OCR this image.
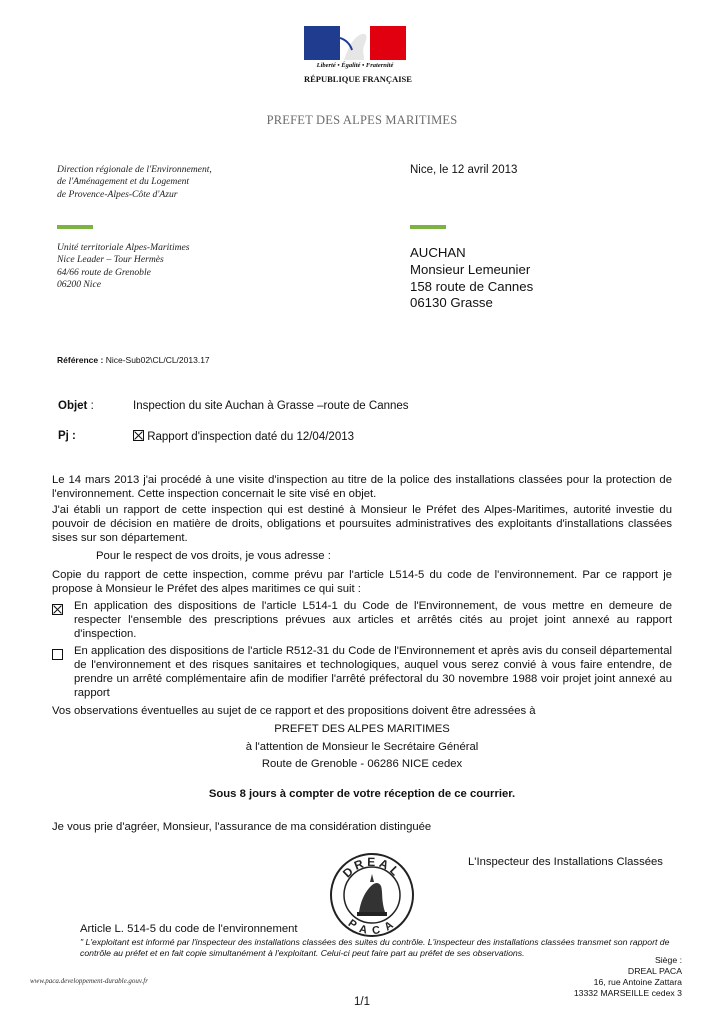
Liberté • Égalité • Fraternité
RÉPUBLIQUE FRANÇAISE
PREFET DES ALPES MARITIMES
Direction régionale de l'Environnement,
de l'Aménagement et du Logement
de Provence-Alpes-Côte d'Azur
Nice, le 12 avril 2013
Unité territoriale Alpes-Maritimes
Nice Leader – Tour Hermès
64/66 route de Grenoble
06200 Nice
AUCHAN
Monsieur Lemeunier
158 route de Cannes
06130 Grasse
Référence : Nice-Sub02\CL/CL/2013.17
Objet :	Inspection du site Auchan à Grasse –route de Cannes
Pj :	Rapport d'inspection daté du 12/04/2013
Le 14 mars 2013 j'ai procédé à une visite d'inspection au titre de la police des installations classées pour la protection de l'environnement. Cette inspection concernait le site visé en objet.
J'ai établi un rapport de cette inspection qui est destiné à Monsieur le Préfet des Alpes-Maritimes, autorité investie du pouvoir de décision en matière de droits, obligations et poursuites administratives des exploitants d'installations classées sises sur son département.
Pour le respect de vos droits, je vous adresse :
Copie du rapport de cette inspection, comme prévu par l'article L514-5 du code de l'environnement. Par ce rapport je propose à Monsieur le Préfet des alpes maritimes ce qui suit :
En application des dispositions de l'article L514-1 du Code de l'Environnement, de vous mettre en demeure de respecter l'ensemble des prescriptions prévues aux articles et arrêtés cités au projet joint annexé au rapport d'inspection.
En application des dispositions de l'article R512-31 du Code de l'Environnement et après avis du conseil départemental de l'environnement et des risques sanitaires et technologiques, auquel vous serez convié à vous faire entendre, de prendre un arrêté complémentaire afin de modifier l'arrêté préfectoral du 30 novembre 1988 voir projet joint annexé au rapport
Vos observations éventuelles au sujet de ce rapport et des propositions doivent être adressées à
PREFET DES ALPES MARITIMES
à l'attention de Monsieur le Secrétaire Général
Route de Grenoble - 06286 NICE cedex
Sous 8 jours à compter de votre réception de ce courrier.
Je vous prie d'agréer, Monsieur, l'assurance de ma considération distinguée
L'Inspecteur des Installations Classées
DREAL
PACA
Article L. 514-5 du code de l'environnement
" L'exploitant est informé par l'inspecteur des installations classées des suites du contrôle. L'inspecteur des installations classées transmet son rapport de contrôle au préfet et en fait copie simultanément à l'exploitant. Celui-ci peut faire part au préfet de ses observations.
www.paca.developpement-durable.gouv.fr
Siège :
DREAL PACA
16, rue Antoine Zattara
13332 MARSEILLE cedex 3
1/1
